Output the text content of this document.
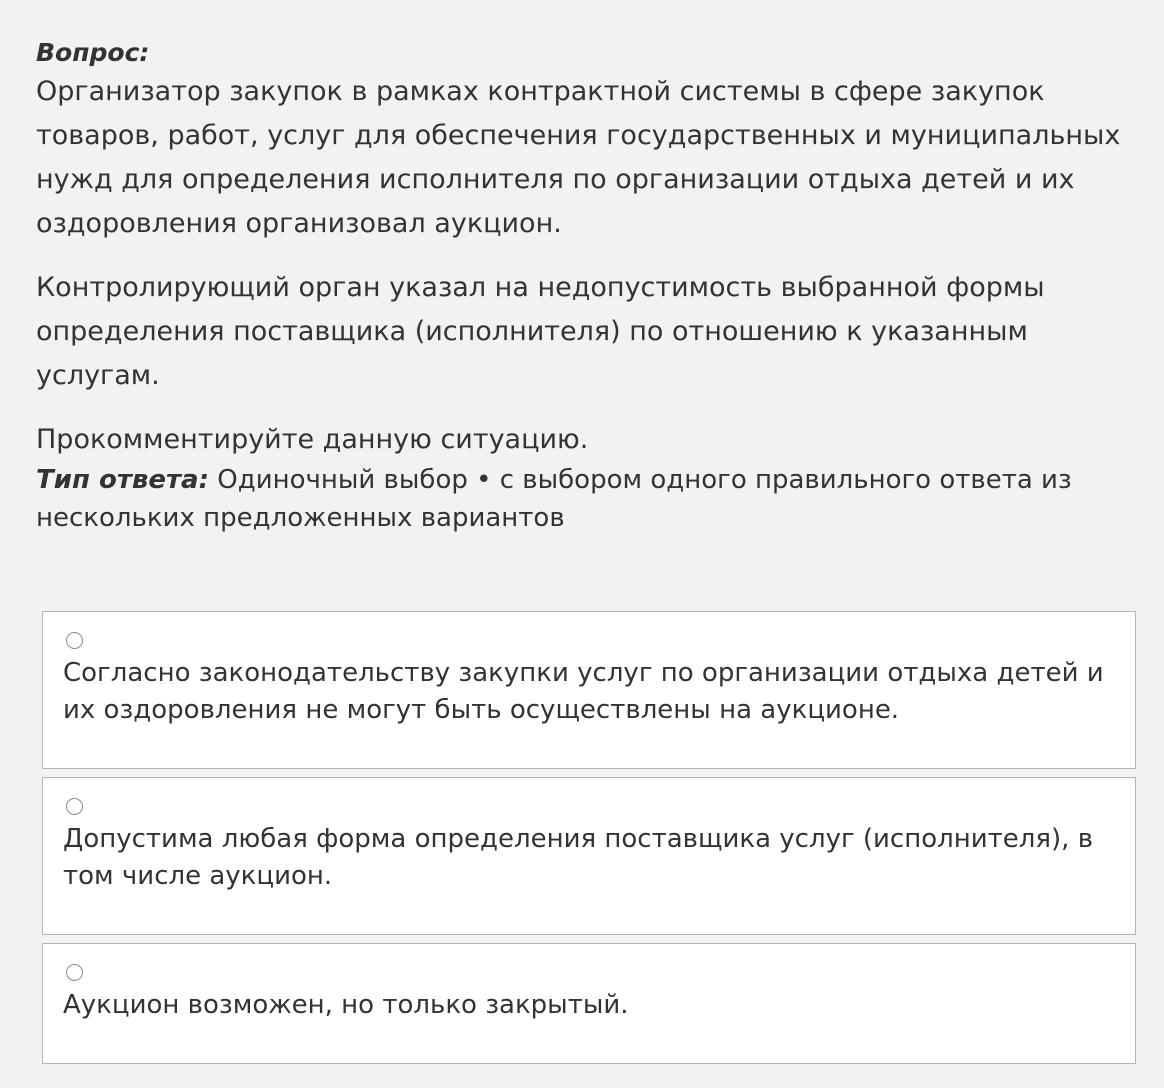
Вопрос:

Организатор закупок в рамках контрактной системы в сфере закупок товаров, работ, услуг для обеспечения государственных и муниципальных нужд для определения исполнителя по организации отдыха детей и их оздоровления организовал аукцион.

Контролирующий орган указал на недопустимость выбранной формы определения поставщика (исполнителя) по отношению к указанным услугам.

Прокомментируйте данную ситуацию.

Тип ответа: Одиночный выбор • с выбором одного правильного ответа из нескольких предложенных вариантов

Согласно законодательству закупки услуг по организации отдыха детей и их оздоровления не могут быть осуществлены на аукционе.

Допустима любая форма определения поставщика услуг (исполнителя), в том числе аукцион.

Аукцион возможен, но только закрытый.
